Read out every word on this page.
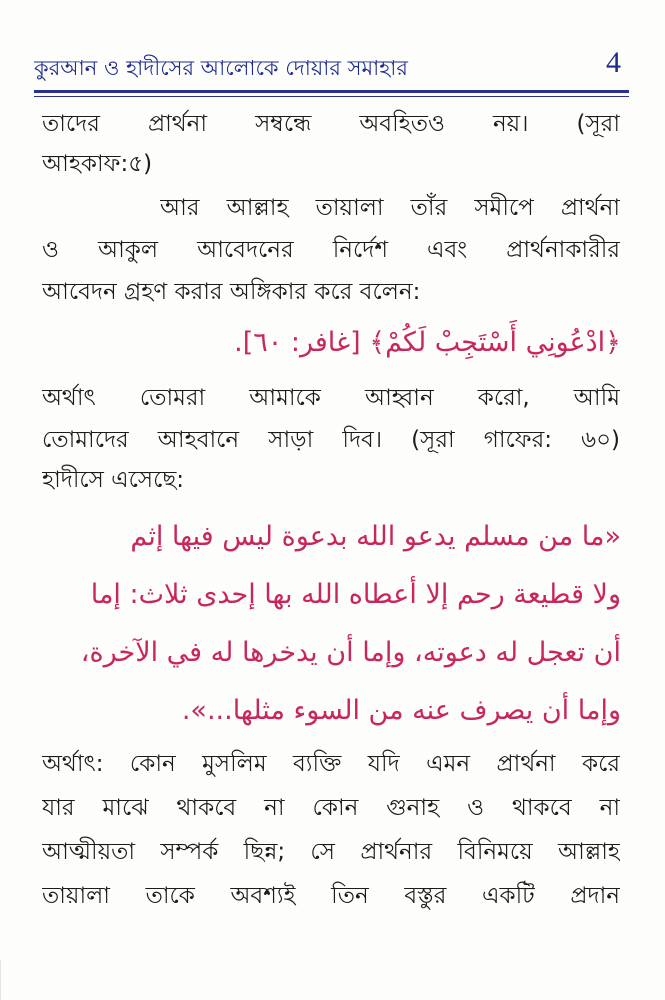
কুরআন ও হাদীসের আলোকে দোয়ার সমাহার	4
তাদের প্রার্থনা সম্বন্ধে অবহিতও নয়। (সূরা
আহকাফ:৫)
আর আল্লাহ তায়ালা তাঁর সমীপে প্রার্থনা
ও আকুল আবেদনের নির্দেশ এবং প্রার্থনাকারীর
আবেদন গ্রহণ করার অঙ্গিকার করে বলেন:
﴿ادْعُونِي أَسْتَجِبْ لَكُمْ﴾ [غافر: ٦٠].
অর্থাৎ তোমরা আমাকে আহ্বান করো, আমি
তোমাদের আহবানে সাড়া দিব। (সূরা গাফের: ৬০)
হাদীসে এসেছে:
«ما من مسلم يدعو الله بدعوة ليس فيها إثم
ولا قطيعة رحم إلا أعطاه الله بها إحدى ثلاث: إما
أن تعجل له دعوته، وإما أن يدخرها له في الآخرة،
وإما أن يصرف عنه من السوء مثلها...».
অর্থাৎ: কোন মুসলিম ব্যক্তি যদি এমন প্রার্থনা করে
যার মাঝে থাকবে না কোন গুনাহ ও থাকবে না
আত্মীয়তা সম্পর্ক ছিন্ন; সে প্রার্থনার বিনিময়ে আল্লাহ
তায়ালা তাকে অবশ্যই তিন বস্তুর একটি প্রদান
